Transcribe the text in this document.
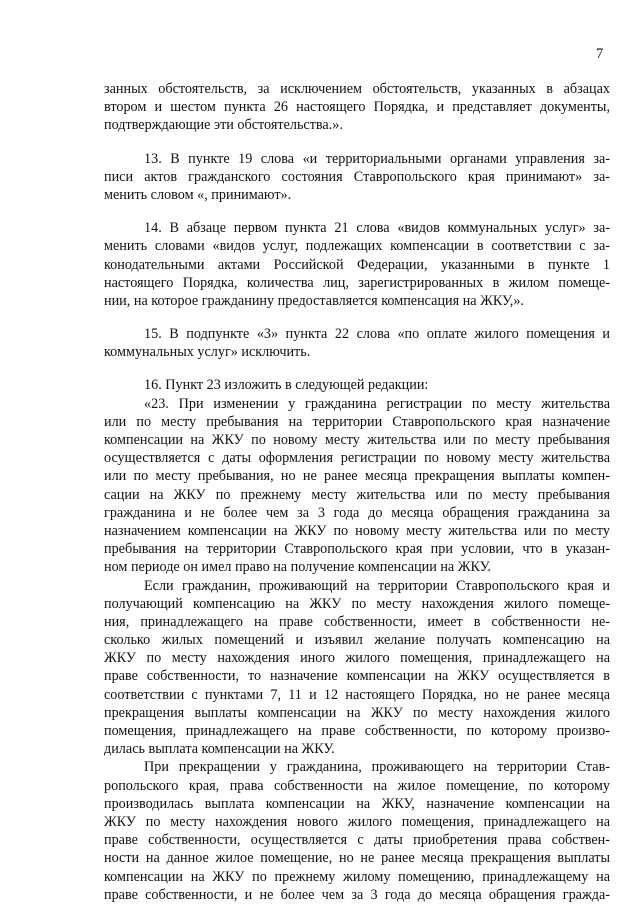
7
занных обстоятельств, за исключением обстоятельств, указанных в абзацах
втором и шестом пункта 26 настоящего Порядка, и представляет документы,
подтверждающие эти обстоятельства.».
13. В пункте 19 слова «и территориальными органами управления за-
писи актов гражданского состояния Ставропольского края принимают» за-
менить словом «, принимают».
14. В абзаце первом пункта 21 слова «видов коммунальных услуг» за-
менить словами «видов услуг, подлежащих компенсации в соответствии с за-
конодательными актами Российской Федерации, указанными в пункте 1
настоящего Порядка, количества лиц, зарегистрированных в жилом помеще-
нии, на которое гражданину предоставляется компенсация на ЖКУ,».
15. В подпункте «3» пункта 22 слова «по оплате жилого помещения и
коммунальных услуг» исключить.
16. Пункт 23 изложить в следующей редакции:
«23. При изменении у гражданина регистрации по месту жительства
или по месту пребывания на территории Ставропольского края назначение
компенсации на ЖКУ по новому месту жительства или по месту пребывания
осуществляется с даты оформления регистрации по новому месту жительства
или по месту пребывания, но не ранее месяца прекращения выплаты компен-
сации на ЖКУ по прежнему месту жительства или по месту пребывания
гражданина и не более чем за 3 года до месяца обращения гражданина за
назначением компенсации на ЖКУ по новому месту жительства или по месту
пребывания на территории Ставропольского края при условии, что в указан-
ном периоде он имел право на получение компенсации на ЖКУ.
Если гражданин, проживающий на территории Ставропольского края и
получающий компенсацию на ЖКУ по месту нахождения жилого помеще-
ния, принадлежащего на праве собственности, имеет в собственности не-
сколько жилых помещений и изъявил желание получать компенсацию на
ЖКУ по месту нахождения иного жилого помещения, принадлежащего на
праве собственности, то назначение компенсации на ЖКУ осуществляется в
соответствии с пунктами 7, 11 и 12 настоящего Порядка, но не ранее месяца
прекращения выплаты компенсации на ЖКУ по месту нахождения жилого
помещения, принадлежащего на праве собственности, по которому произво-
дилась выплата компенсации на ЖКУ.
При прекращении у гражданина, проживающего на территории Став-
ропольского края, права собственности на жилое помещение, по которому
производилась выплата компенсации на ЖКУ, назначение компенсации на
ЖКУ по месту нахождения нового жилого помещения, принадлежащего на
праве собственности, осуществляется с даты приобретения права собствен-
ности на данное жилое помещение, но не ранее месяца прекращения выплаты
компенсации на ЖКУ по прежнему жилому помещению, принадлежащему на
праве собственности, и не более чем за 3 года до месяца обращения гражда-
